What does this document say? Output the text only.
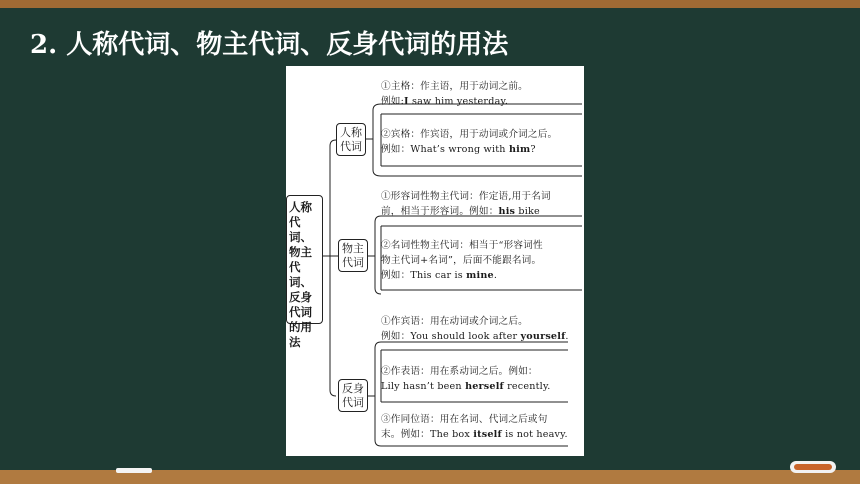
2. 人称代词、物主代词、反身代词的用法
人称代词、物主代词、反身代词的用法
人称代词
物主代词
反身代词
①主格：作主语，用于动词之前。
例如:I saw him yesterday.
②宾格：作宾语，用于动词或介词之后。
例如：What’s wrong with him?
①形容词性物主代词：作定语,用于名词
前，相当于形容词。例如：his bike
②名词性物主代词：相当于“形容词性
物主代词+名词”，后面不能跟名词。
例如：This car is mine.
①作宾语：用在动词或介词之后。
例如：You should look after yourself.
②作表语：用在系动词之后。例如：
Lily hasn’t been herself recently.
③作同位语：用在名词、代词之后或句
末。例如：The box itself is not heavy.
